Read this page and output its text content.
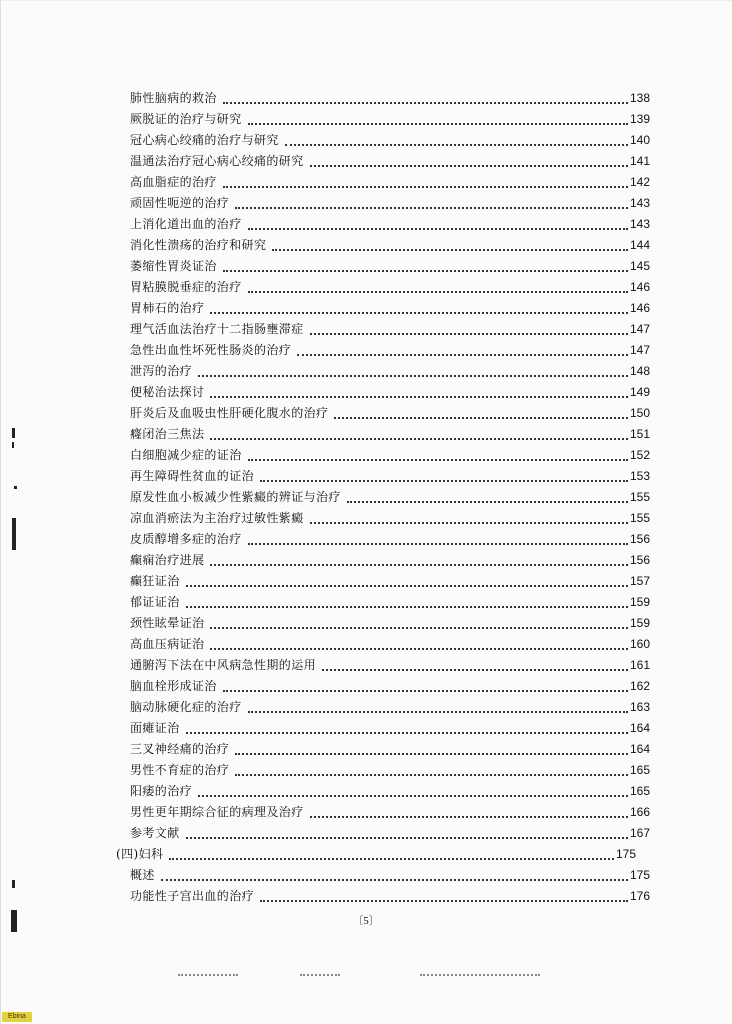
肺性脑病的救治	138
厥脱证的治疗与研究	139
冠心病心绞痛的治疗与研究	140
温通法治疗冠心病心绞痛的研究	141
高血脂症的治疗	142
顽固性呃逆的治疗	143
上消化道出血的治疗	143
消化性溃疡的治疗和研究	144
萎缩性胃炎证治	145
胃粘膜脱垂症的治疗	146
胃柿石的治疗	146
理气活血法治疗十二指肠壅滞症	147
急性出血性坏死性肠炎的治疗	147
泄泻的治疗	148
便秘治法探讨	149
肝炎后及血吸虫性肝硬化腹水的治疗	150
癃闭治三焦法	151
白细胞减少症的证治	152
再生障碍性贫血的证治	153
原发性血小板减少性紫癜的辨证与治疗	155
凉血消瘀法为主治疗过敏性紫癜	155
皮质醇增多症的治疗	156
癫痫治疗进展	156
癫狂证治	157
郁证证治	159
颈性眩晕证治	159
高血压病证治	160
通腑泻下法在中风病急性期的运用	161
脑血栓形成证治	162
脑动脉硬化症的治疗	163
面瘫证治	164
三叉神经痛的治疗	164
男性不育症的治疗	165
阳痿的治疗	165
男性更年期综合征的病理及治疗	166
参考文献	167
(四)妇科	175
概述	175
功能性子宫出血的治疗	176
〔5〕
Ebina
